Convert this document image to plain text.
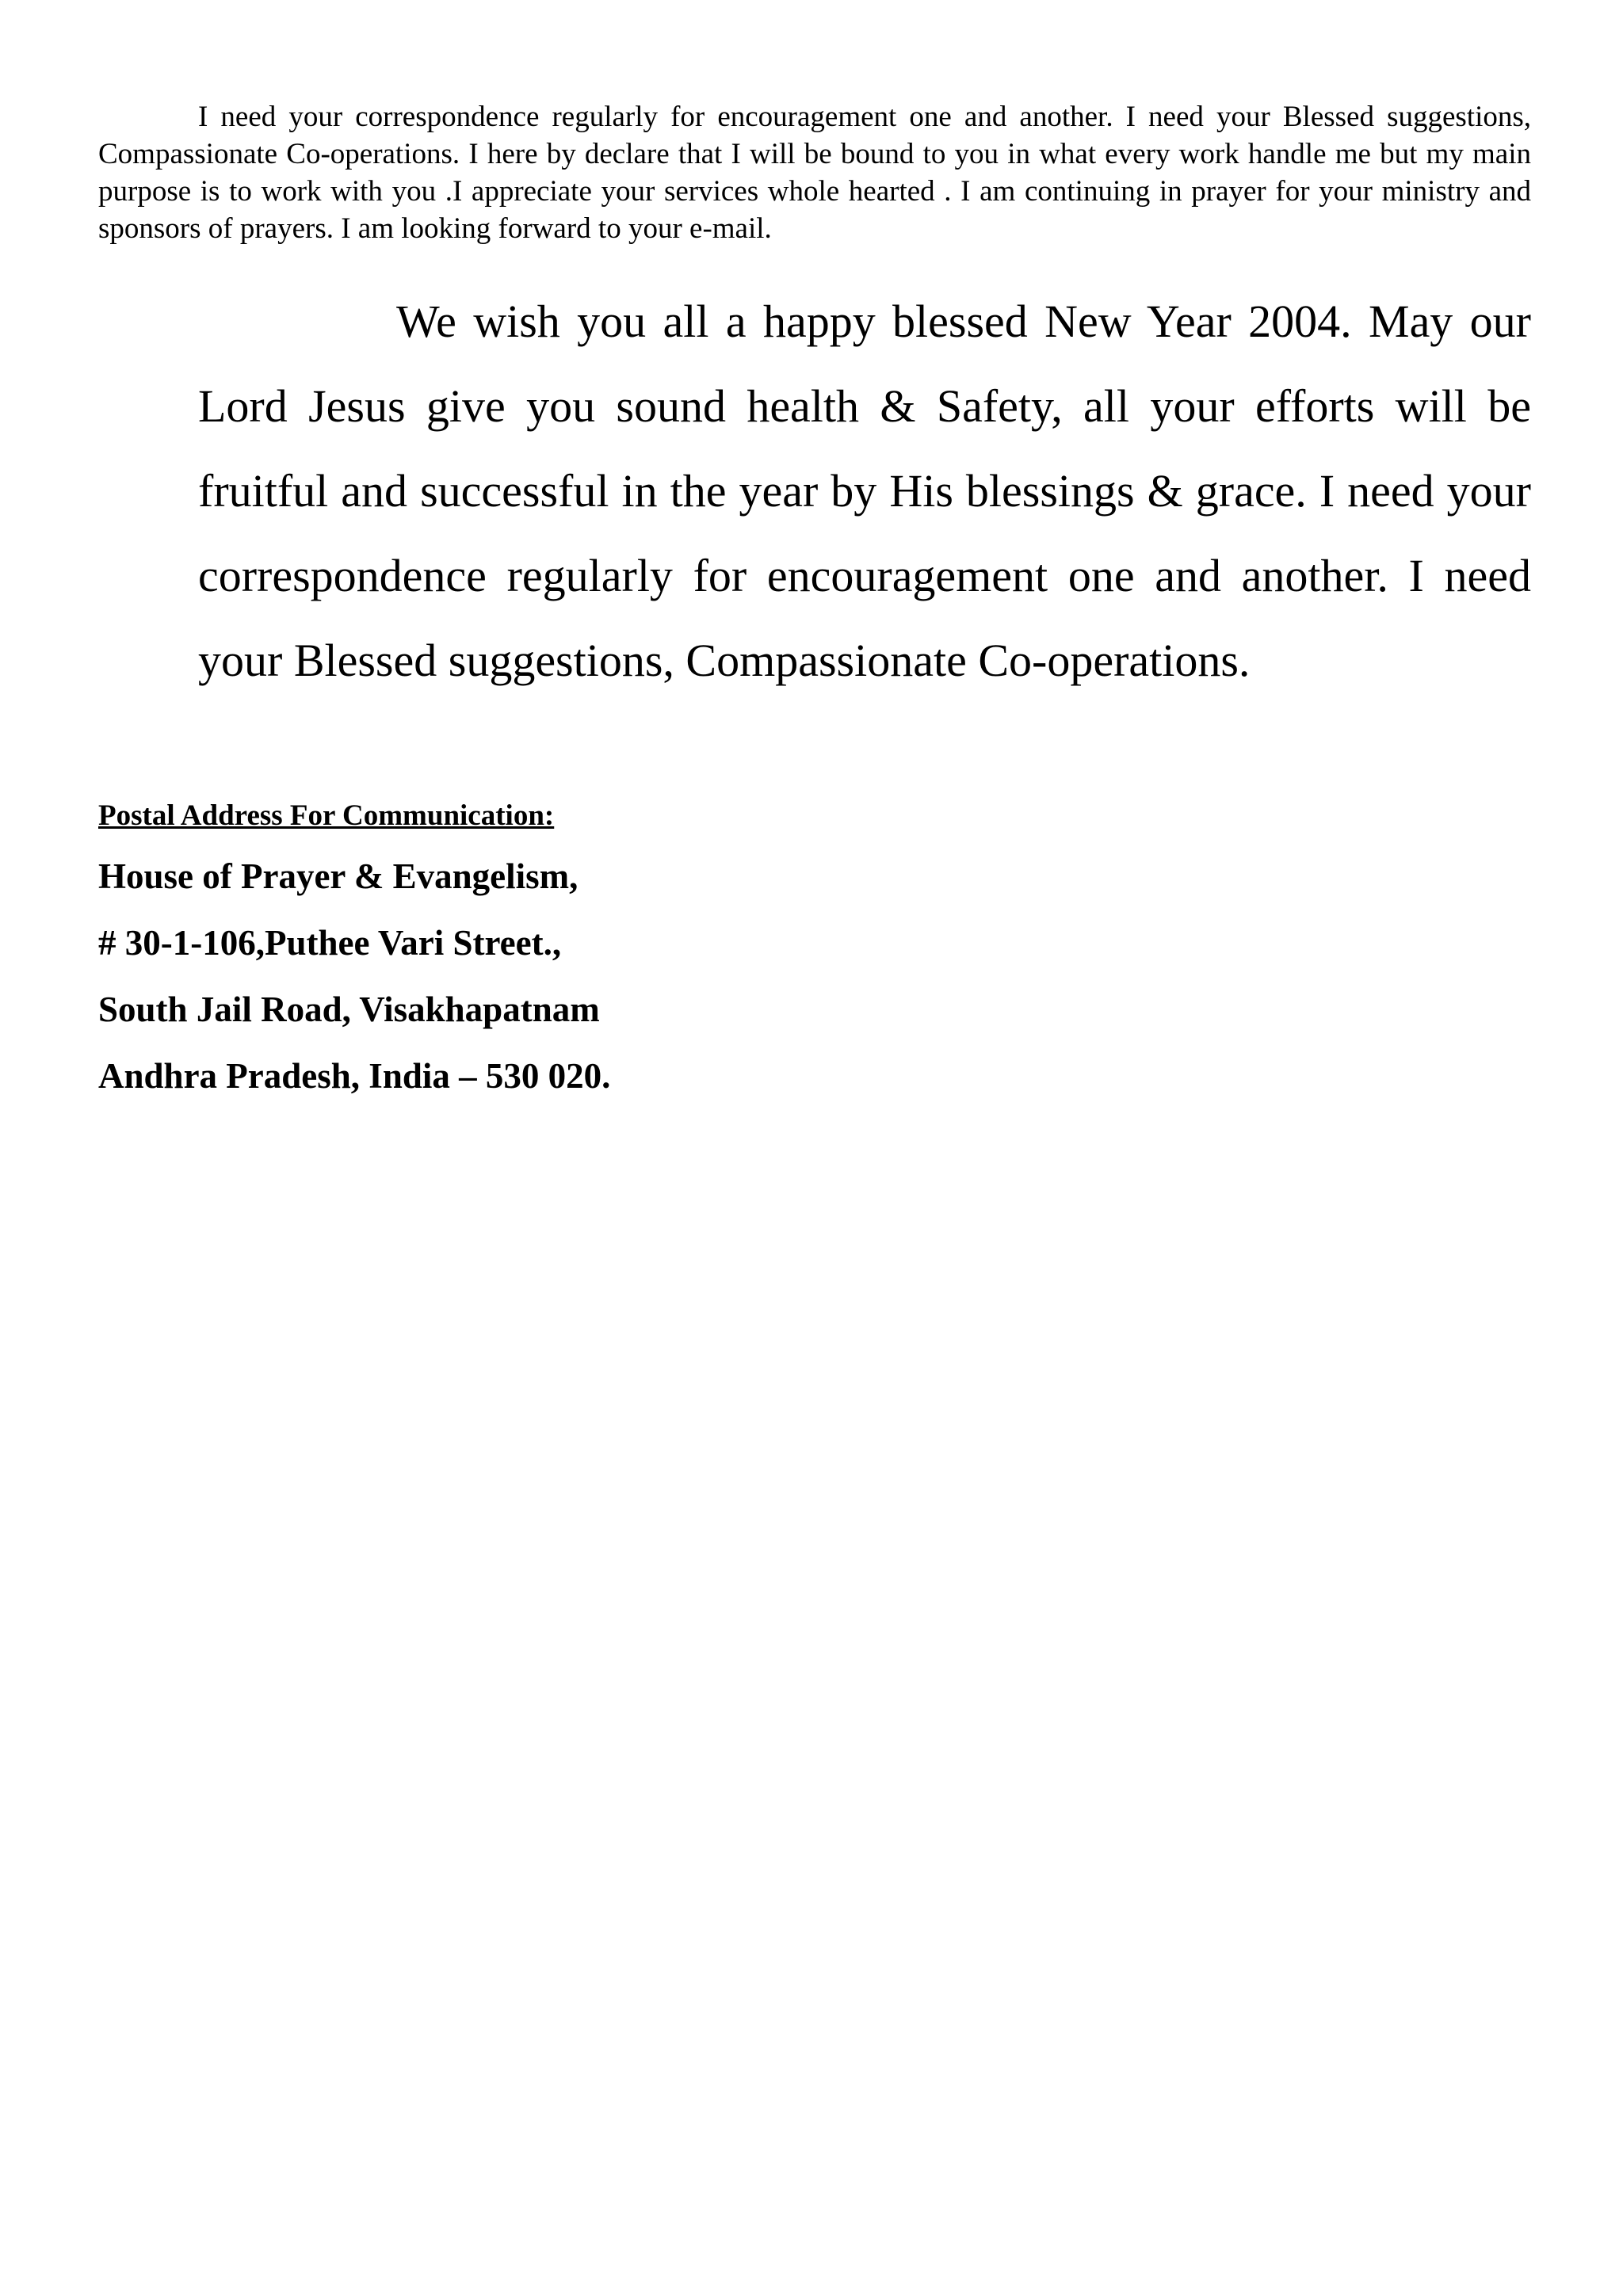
I need your correspondence regularly for encouragement one and another. I need your Blessed suggestions, Compassionate Co-operations. I here by declare that I will be bound to you in what every work handle me but my main purpose is to work with you .I appreciate your services whole hearted . I am continuing in prayer for your ministry and sponsors of prayers. I am looking forward to your e-mail.

We wish you all a happy blessed New Year 2004. May our Lord Jesus give you sound health & Safety, all your efforts will be fruitful and successful in the year by His blessings & grace. I need your correspondence regularly for encouragement one and another. I need your Blessed suggestions, Compassionate Co-operations.

Postal Address For Communication:

House of Prayer & Evangelism,

# 30-1-106,Puthee Vari Street.,

South Jail Road, Visakhapatnam

Andhra Pradesh, India – 530 020.
